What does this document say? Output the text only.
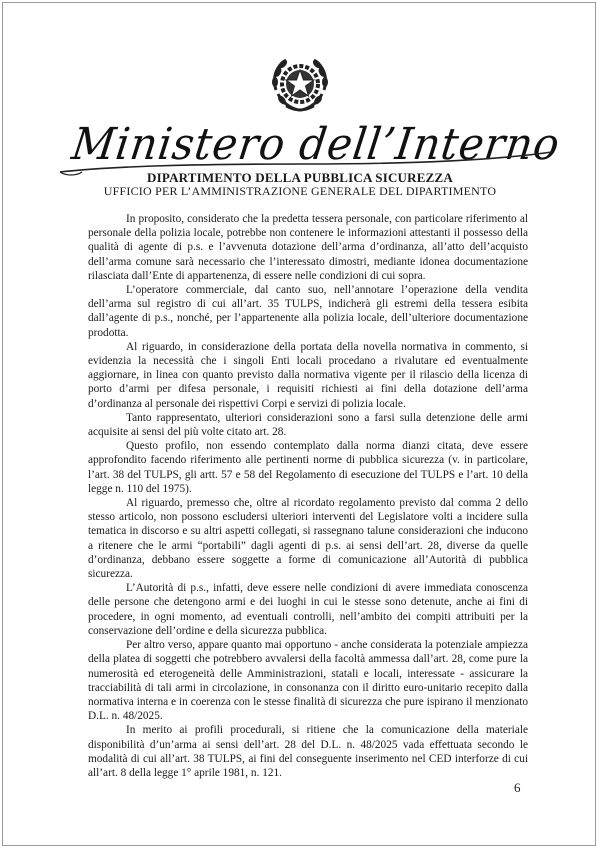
Ministero dell’Interno
DIPARTIMENTO DELLA PUBBLICA SICUREZZA
UFFICIO PER L’AMMINISTRAZIONE GENERALE DEL DIPARTIMENTO

In proposito, considerato che la predetta tessera personale, con particolare riferimento al personale della polizia locale, potrebbe non contenere le informazioni attestanti il possesso della qualità di agente di p.s. e l’avvenuta dotazione dell’arma d’ordinanza, all’atto dell’acquisto dell’arma comune sarà necessario che l’interessato dimostri, mediante idonea documentazione rilasciata dall’Ente di appartenenza, di essere nelle condizioni di cui sopra.

L’operatore commerciale, dal canto suo, nell’annotare l’operazione della vendita dell’arma sul registro di cui all’art. 35 TULPS, indicherà gli estremi della tessera esibita dall’agente di p.s., nonché, per l’appartenente alla polizia locale, dell’ulteriore documentazione prodotta.

Al riguardo, in considerazione della portata della novella normativa in commento, si evidenzia la necessità che i singoli Enti locali procedano a rivalutare ed eventualmente aggiornare, in linea con quanto previsto dalla normativa vigente per il rilascio della licenza di porto d’armi per difesa personale, i requisiti richiesti ai fini della dotazione dell’arma d’ordinanza al personale dei rispettivi Corpi e servizi di polizia locale.

Tanto rappresentato, ulteriori considerazioni sono a farsi sulla detenzione delle armi acquisite ai sensi del più volte citato art. 28.

Questo profilo, non essendo contemplato dalla norma dianzi citata, deve essere approfondito facendo riferimento alle pertinenti norme di pubblica sicurezza (v. in particolare, l’art. 38 del TULPS, gli artt. 57 e 58 del Regolamento di esecuzione del TULPS e l’art. 10 della legge n. 110 del 1975).

Al riguardo, premesso che, oltre al ricordato regolamento previsto dal comma 2 dello stesso articolo, non possono escludersi ulteriori interventi del Legislatore volti a incidere sulla tematica in discorso e su altri aspetti collegati, si rassegnano talune considerazioni che inducono a ritenere che le armi “portabili” dagli agenti di p.s. ai sensi dell’art. 28, diverse da quelle d’ordinanza, debbano essere soggette a forme di comunicazione all’Autorità di pubblica sicurezza.

L’Autorità di p.s., infatti, deve essere nelle condizioni di avere immediata conoscenza delle persone che detengono armi e dei luoghi in cui le stesse sono detenute, anche ai fini di procedere, in ogni momento, ad eventuali controlli, nell’ambito dei compiti attribuiti per la conservazione dell’ordine e della sicurezza pubblica.

Per altro verso, appare quanto mai opportuno - anche considerata la potenziale ampiezza della platea di soggetti che potrebbero avvalersi della facoltà ammessa dall’art. 28, come pure la numerosità ed eterogeneità delle Amministrazioni, statali e locali, interessate - assicurare la tracciabilità di tali armi in circolazione, in consonanza con il diritto euro-unitario recepito dalla normativa interna e in coerenza con le stesse finalità di sicurezza che pure ispirano il menzionato D.L. n. 48/2025.

In merito ai profili procedurali, si ritiene che la comunicazione della materiale disponibilità d’un’arma ai sensi dell’art. 28 del D.L. n. 48/2025 vada effettuata secondo le modalità di cui all’art. 38 TULPS, ai fini del conseguente inserimento nel CED interforze di cui all’art. 8 della legge 1° aprile 1981, n. 121.

6
